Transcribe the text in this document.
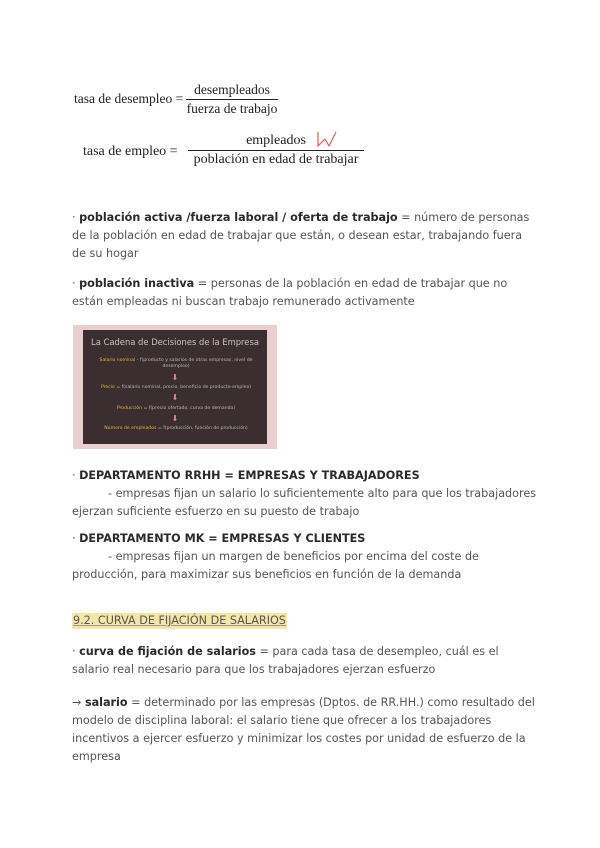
tasa de desempleo =
desempleados
fuerza de trabajo
tasa de empleo =
empleados
población en edad de trabajar
· población activa /fuerza laboral / oferta de trabajo = número de personas de la población en edad de trabajar que están, o desean estar, trabajando fuera de su hogar
· población inactiva = personas de la población en edad de trabajar que no están empleadas ni buscan trabajo remunerado activamente
La Cadena de Decisiones de la Empresa
Salario nominal - f(producto y salarios de otras empresas, nivel de desempleo)
⬇
Precio = f(salario nominal, precio, beneficio de producto-empleo)
⬇
Producción = f(precio ofertado, curva de demanda)
⬇
Número de empleados = f(producción, función de producción)
· DEPARTAMENTO RRHH = EMPRESAS Y TRABAJADORES
- empresas fijan un salario lo suficientemente alto para que los trabajadores ejerzan suficiente esfuerzo en su puesto de trabajo
· DEPARTAMENTO MK = EMPRESAS Y CLIENTES
- empresas fijan un margen de beneficios por encima del coste de producción, para maximizar sus beneficios en función de la demanda
9.2. CURVA DE FIJACIÓN DE SALARIOS
· curva de fijación de salarios = para cada tasa de desempleo, cuál es el salario real necesario para que los trabajadores ejerzan esfuerzo
→ salario = determinado por las empresas (Dptos. de RR.HH.) como resultado del modelo de disciplina laboral: el salario tiene que ofrecer a los trabajadores incentivos a ejercer esfuerzo y minimizar los costes por unidad de esfuerzo de la empresa
